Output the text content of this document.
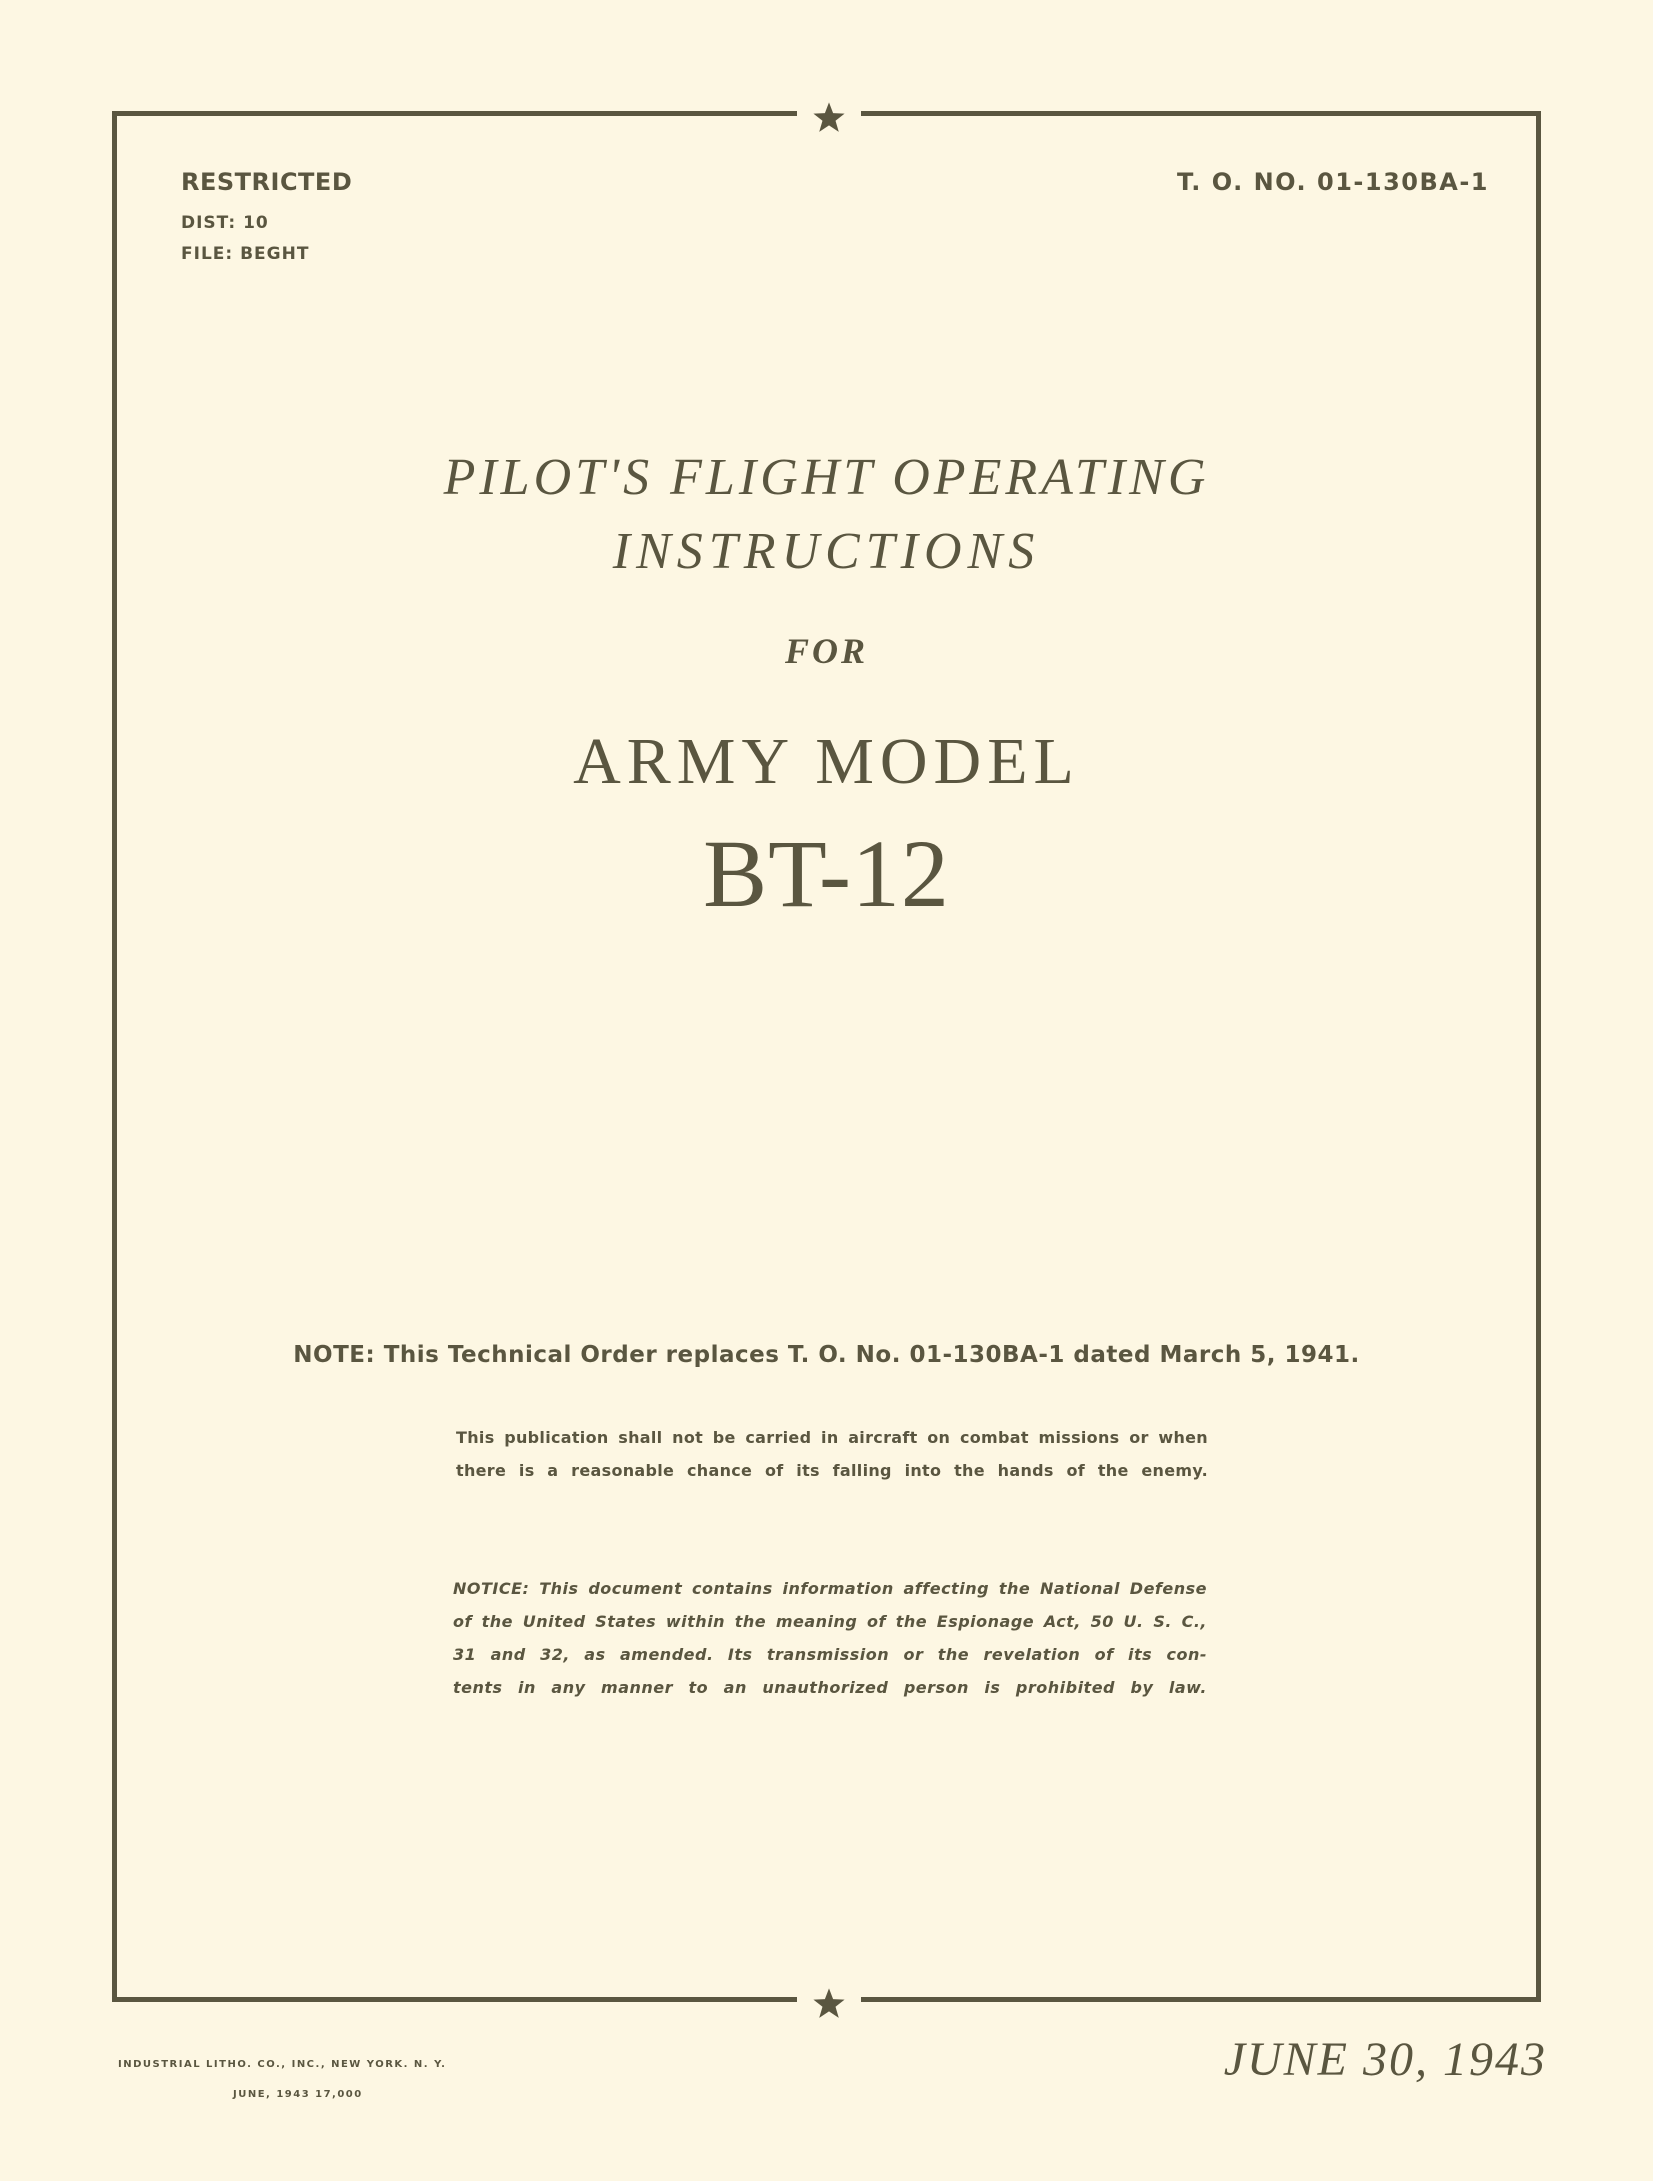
RESTRICTED
DIST: 10
FILE: BEGHT
T. O. NO. 01-130BA-1
PILOT'S FLIGHT OPERATING
INSTRUCTIONS
FOR
ARMY MODEL
BT-12
NOTE: This Technical Order replaces T. O. No. 01-130BA-1 dated March 5, 1941.
This publication shall not be carried in aircraft on combat missions or when
there is a reasonable chance of its falling into the hands of the enemy.
NOTICE: This document contains information affecting the National Defense
of the United States within the meaning of the Espionage Act, 50 U. S. C.,
31 and 32, as amended. Its transmission or the revelation of its con-
tents in any manner to an unauthorized person is prohibited by law.
INDUSTRIAL LITHO. CO., INC., NEW YORK. N. Y.
JUNE, 1943 17,000
JUNE 30, 1943
